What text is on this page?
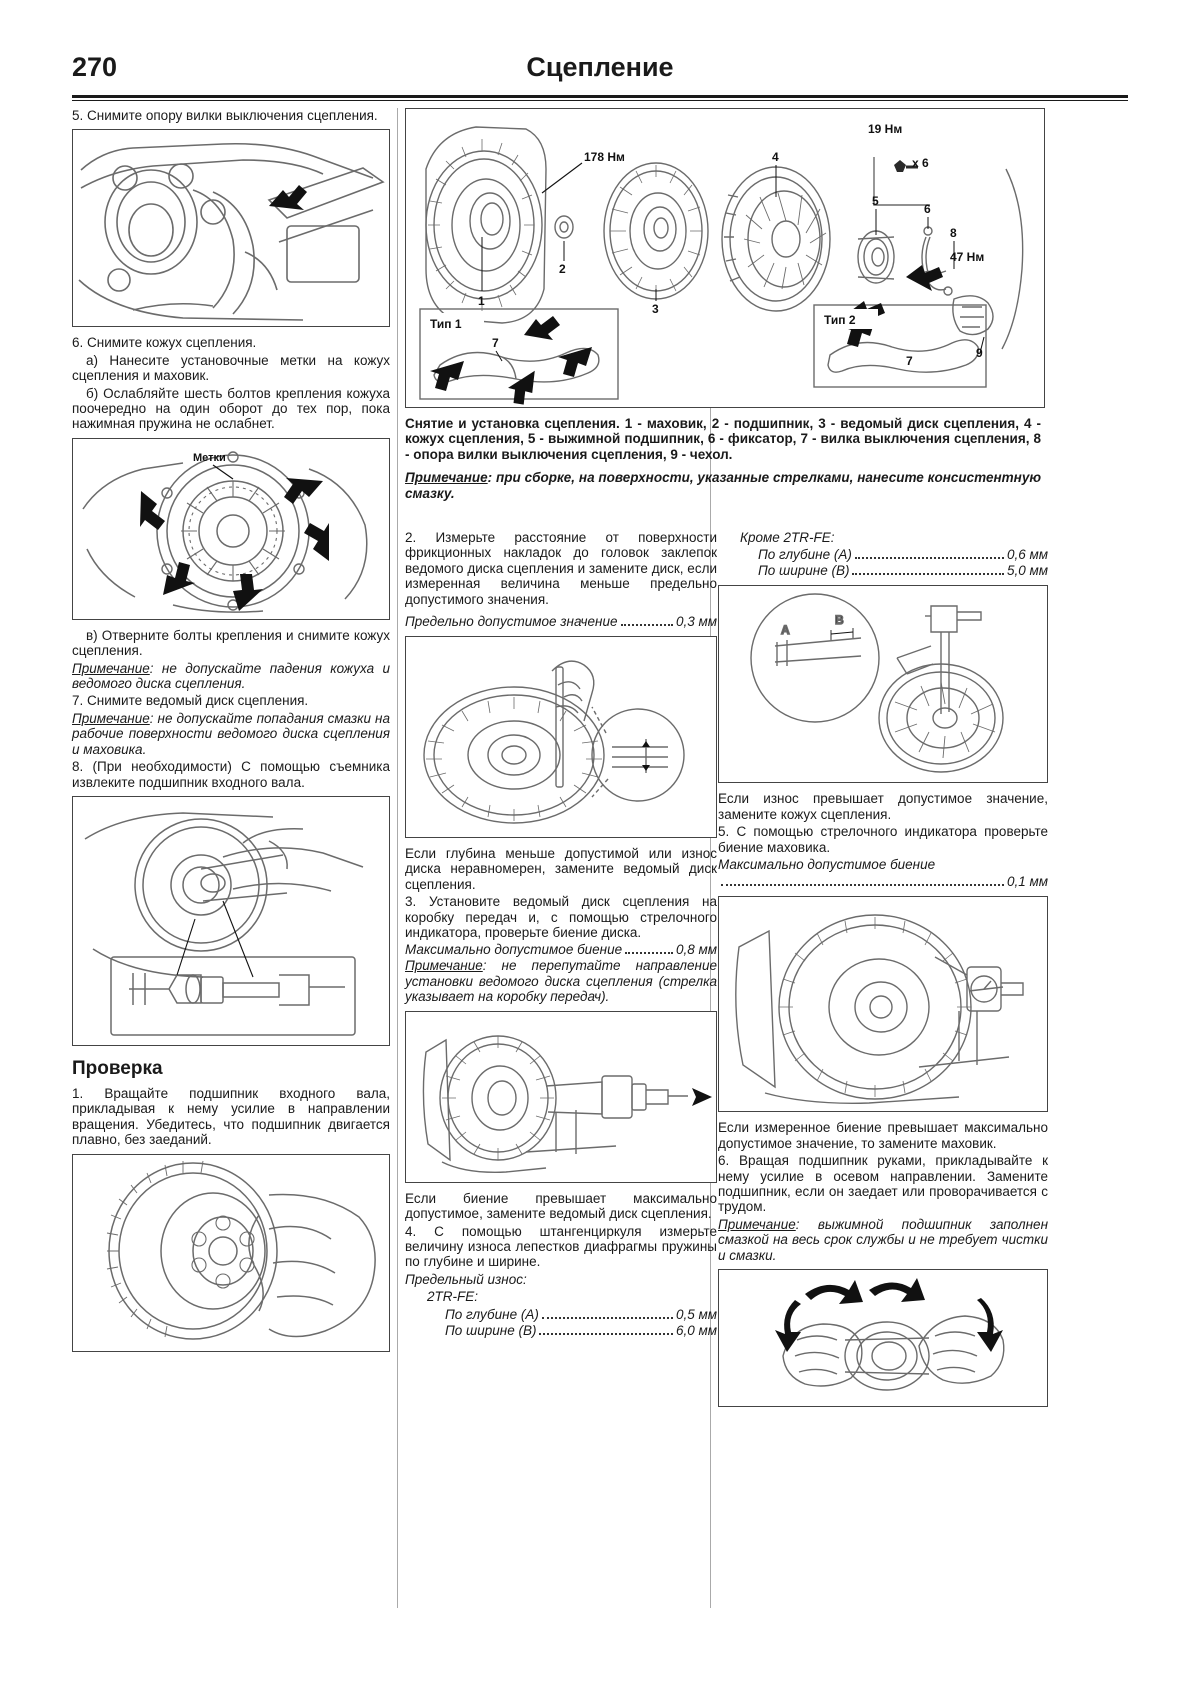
270	Сцепление
5. Снимите опору вилки выключения сцепления.
6. Снимите кожух сцепления.
а) Нанесите установочные метки на кожух сцепления и маховик.
б) Ослабляйте шесть болтов крепления кожуха поочередно на один оборот до тех пор, пока нажимная пружина не ослабнет.
Метки
в) Отверните болты крепления и снимите кожух сцепления.
Примечание: не допускайте падения кожуха и ведомого диска сцепления.
7. Снимите ведомый диск сцепления.
Примечание: не допускайте попадания смазки на рабочие поверхности ведомого диска сцепления и маховика.
8. (При необходимости) С помощью съемника извлеките подшипник входного вала.
Проверка
1. Вращайте подшипник входного вала, прикладывая к нему усилие в направлении вращения. Убедитесь, что подшипник двигается плавно, без заеданий.
178 Нм
19 Нм
x 6
47 Нм
1
2
3
4
5
6
7
7
8
9
Тип 1	Тип 2
Снятие и установка сцепления. 1 - маховик, 2 - подшипник, 3 - ведомый диск сцепления, 4 - кожух сцепления, 5 - выжимной подшипник, 6 - фиксатор, 7 - вилка выключения сцепления, 8 - опора вилки выключения сцепления, 9 - чехол.
Примечание: при сборке, на поверхности, указанные стрелками, нанесите консистентную смазку.
2. Измерьте расстояние от поверхности фрикционных накладок до головок заклепок ведомого диска сцепления и замените диск, если измеренная величина меньше предельно допустимого значения.
Предельно допустимое значение	0,3 мм
Если глубина меньше допустимой или износ диска неравномерен, замените ведомый диск сцепления.
3. Установите ведомый диск сцепления на коробку передач и, с помощью стрелочного индикатора, проверьте биение диска.
Максимально допустимое биение	0,8 мм
Примечание: не перепутайте направление установки ведомого диска сцепления (стрелка указывает на коробку передач).
Если биение превышает максимально допустимое, замените ведомый диск сцепления.
4. С помощью штангенциркуля измерьте величину износа лепестков диафрагмы пружины по глубине и ширине.
Предельный износ:
2TR-FE:
По глубине (А)	0,5 мм
По ширине (В)	6,0 мм
Кроме 2TR-FE:
По глубине (А)	0,6 мм
По ширине (В)	5,0 мм
А
В
Если износ превышает допустимое значение, замените кожух сцепления.
5. С помощью стрелочного индикатора проверьте биение маховика.
Максимально допустимое биение
0,1 мм
Если измеренное биение превышает максимально допустимое значение, то замените маховик.
6. Вращая подшипник руками, прикладывайте к нему усилие в осевом направлении. Замените подшипник, если он заедает или проворачивается с трудом.
Примечание: выжимной подшипник заполнен смазкой на весь срок службы и не требует чистки и смазки.
